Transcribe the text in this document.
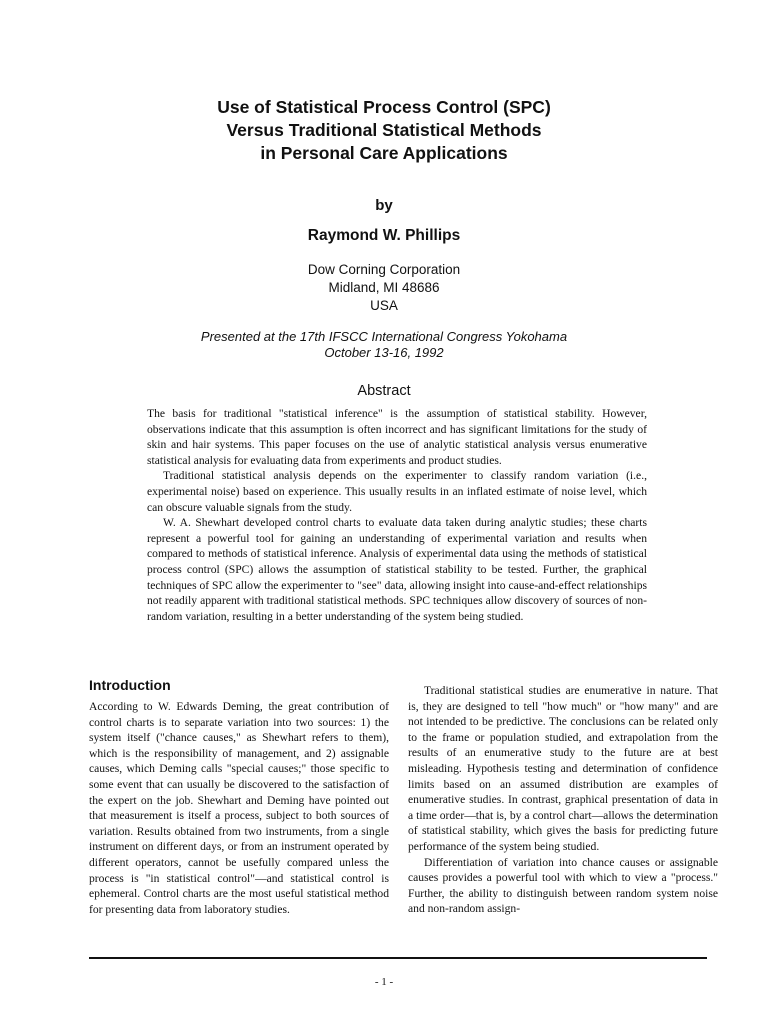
Use of Statistical Process Control (SPC)
Versus Traditional Statistical Methods
in Personal Care Applications
by
Raymond W. Phillips
Dow Corning Corporation
Midland, MI 48686
USA
Presented at the 17th IFSCC International Congress Yokohama
October 13-16, 1992
Abstract

The basis for traditional "statistical inference" is the assumption of statistical stability. However, observations indicate that this assumption is often incorrect and has significant limitations for the study of skin and hair systems. This paper focuses on the use of analytic statistical analysis versus enumerative statistical analysis for evaluating data from experiments and product studies.

Traditional statistical analysis depends on the experimenter to classify random variation (i.e., experimental noise) based on experience. This usually results in an inflated estimate of noise level, which can obscure valuable signals from the study.

W. A. Shewhart developed control charts to evaluate data taken during analytic studies; these charts represent a powerful tool for gaining an understanding of experimental variation and results when compared to methods of statistical inference. Analysis of experimental data using the methods of statistical process control (SPC) allows the assumption of statistical stability to be tested. Further, the graphical techniques of SPC allow the experimenter to "see" data, allowing insight into cause-and-effect relationships not readily apparent with traditional statistical methods. SPC techniques allow discovery of sources of non-random variation, resulting in a better understanding of the system being studied.

Introduction

According to W. Edwards Deming, the great contribution of control charts is to separate variation into two sources: 1) the system itself ("chance causes," as Shewhart refers to them), which is the responsibility of management, and 2) assignable causes, which Deming calls "special causes;" those specific to some event that can usually be discovered to the satisfaction of the expert on the job. Shewhart and Deming have pointed out that measurement is itself a process, subject to both sources of variation. Results obtained from two instruments, from a single instrument on different days, or from an instrument operated by different operators, cannot be usefully compared unless the process is "in statistical control"—and statistical control is ephemeral. Control charts are the most useful statistical method for presenting data from laboratory studies.

Traditional statistical studies are enumerative in nature. That is, they are designed to tell "how much" or "how many" and are not intended to be predictive. The conclusions can be related only to the frame or population studied, and extrapolation from the results of an enumerative study to the future are at best misleading. Hypothesis testing and determination of confidence limits based on an assumed distribution are examples of enumerative studies. In contrast, graphical presentation of data in a time order—that is, by a control chart—allows the determination of statistical stability, which gives the basis for predicting future performance of the system being studied.

Differentiation of variation into chance causes or assignable causes provides a powerful tool with which to view a "process." Further, the ability to distinguish between random system noise and non-random assign-

- 1 -
